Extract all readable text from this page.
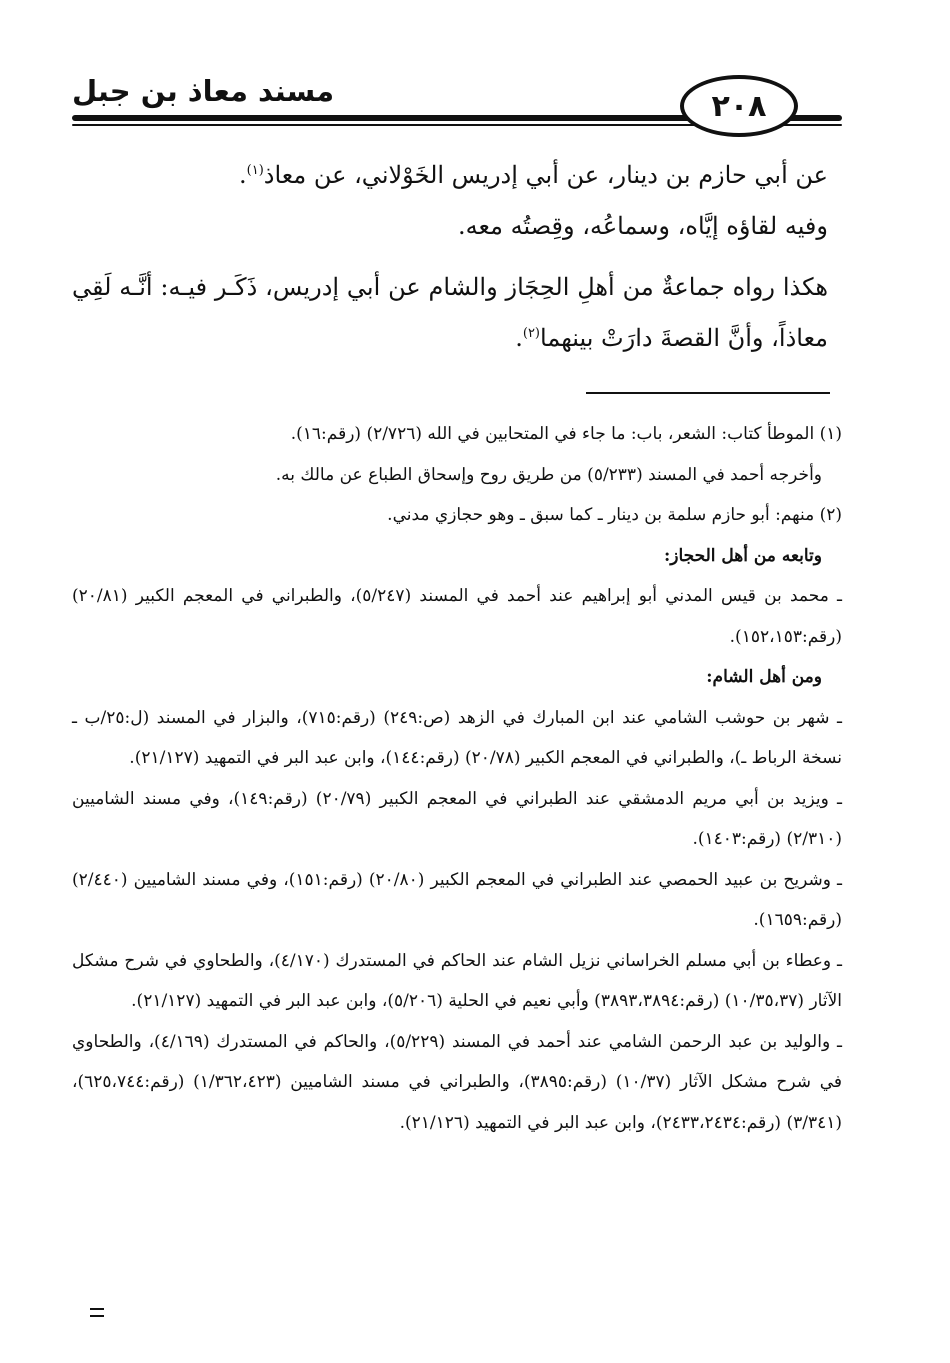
مسند معاذ بن جبل	٢٠٨

عن أبي حازم بن دينار، عن أبي إدريس الخَوْلاني، عن معاذ$^{(١)}$.

وفيه لقاؤه إيَّاه، وسماعُه، وقِصتُه معه.

هكذا رواه جماعةٌ من أهلِ الحِجَاز والشام عن أبي إدريس، ذَكَـر فيـه: أنَّـه لَقِي معاذاً، وأنَّ القصةَ دارَتْ بينهما$^{(٢)}$.

(١) الموطأ كتاب: الشعر، باب: ما جاء في المتحابين في الله (٢/٧٢٦) (رقم:١٦).

وأخرجه أحمد في المسند (٥/٢٣٣) من طريق روح وإسحاق الطباع عن مالك به.

(٢) منهم: أبو حازم سلمة بن دينار ـ كما سبق ـ وهو حجازي مدني.

وتابعه من أهل الحجاز:

ـ محمد بن قيس المدني أبو إبراهيم عند أحمد في المسند (٥/٢٤٧)، والطبراني في المعجم الكبير (٢٠/٨١) (رقم:١٥٢،١٥٣).

ومن أهل الشام:

ـ شهر بن حوشب الشامي عند ابن المبارك في الزهد (ص:٢٤٩) (رقم:٧١٥)، والبزار في المسند (ل:٢٥/ب ـ نسخة الرباط ـ)، والطبراني في المعجم الكبير (٢٠/٧٨) (رقم:١٤٤)، وابن عبد البر في التمهيد (٢١/١٢٧).

ـ ويزيد بن أبي مريم الدمشقي عند الطبراني في المعجم الكبير (٢٠/٧٩) (رقم:١٤٩)، وفي مسند الشاميين (٢/٣١٠) (رقم:١٤٠٣).

ـ وشريح بن عبيد الحمصي عند الطبراني في المعجم الكبير (٢٠/٨٠) (رقم:١٥١)، وفي مسند الشاميين (٢/٤٤٠) (رقم:١٦٥٩).

ـ وعطاء بن أبي مسلم الخراساني نزيل الشام عند الحاكم في المستدرك (٤/١٧٠)، والطحاوي في شرح مشكل الآثار (١٠/٣٥،٣٧) (رقم:٣٨٩٣،٣٨٩٤) وأبي نعيم في الحلية (٥/٢٠٦)، وابن عبد البر في التمهيد (٢١/١٢٧).

ـ والوليد بن عبد الرحمن الشامي عند أحمد في المسند (٥/٢٢٩)، والحاكم في المستدرك (٤/١٦٩)، والطحاوي في شرح مشكل الآثار (١٠/٣٧) (رقم:٣٨٩٥)، والطبراني في مسند الشاميين (١/٣٦٢،٤٢٣) (رقم:٦٢٥،٧٤٤)، (٣/٣٤١) (رقم:٢٤٣٣،٢٤٣٤)، وابن عبد البر في التمهيد (٢١/١٢٦).
